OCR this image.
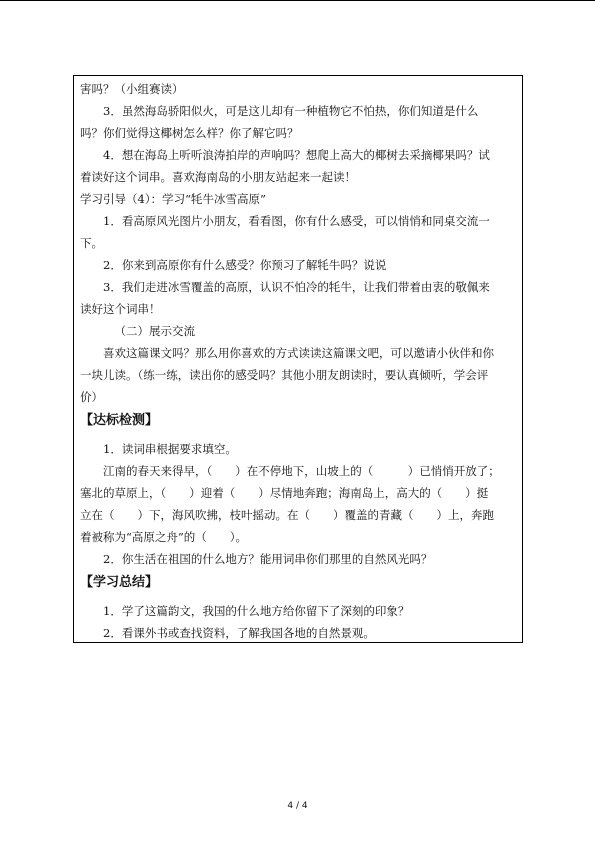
害吗？（小组赛读）

3．虽然海岛骄阳似火，可是这儿却有一种植物它不怕热，你们知道是什么

吗？你们觉得这椰树怎么样？你了解它吗？

4．想在海岛上听听浪涛拍岸的声响吗？想爬上高大的椰树去采摘椰果吗？试

着读好这个词串。喜欢海南岛的小朋友站起来一起读！

学习引导（4）：学习“牦牛冰雪高原”

1．看高原风光图片小朋友，看看图，你有什么感受，可以悄悄和同桌交流一

下。

2．你来到高原你有什么感受？你预习了解牦牛吗？说说

3．我们走进冰雪覆盖的高原，认识不怕冷的牦牛，让我们带着由衷的敬佩来

读好这个词串！

（二）展示交流

喜欢这篇课文吗？那么用你喜欢的方式读读这篇课文吧，可以邀请小伙伴和你

一块儿读。（练一练，读出你的感受吗？其他小朋友朗读时，要认真倾听，学会评

价）

【达标检测】

1．读词串根据要求填空。

江南的春天来得早，（　　）在不停地下，山坡上的（　　　）已悄悄开放了；

塞北的草原上，（　　）迎着（　　）尽情地奔跑；海南岛上，高大的（　　）挺

立在（　　）下，海风吹拂，枝叶摇动。在（　　）覆盖的青藏（　　）上，奔跑

着被称为“高原之舟”的（　　）。

2．你生活在祖国的什么地方？能用词串你们那里的自然风光吗？

【学习总结】

1．学了这篇韵文，我国的什么地方给你留下了深刻的印象？

2．看课外书或查找资料，了解我国各地的自然景观。

4 / 4
